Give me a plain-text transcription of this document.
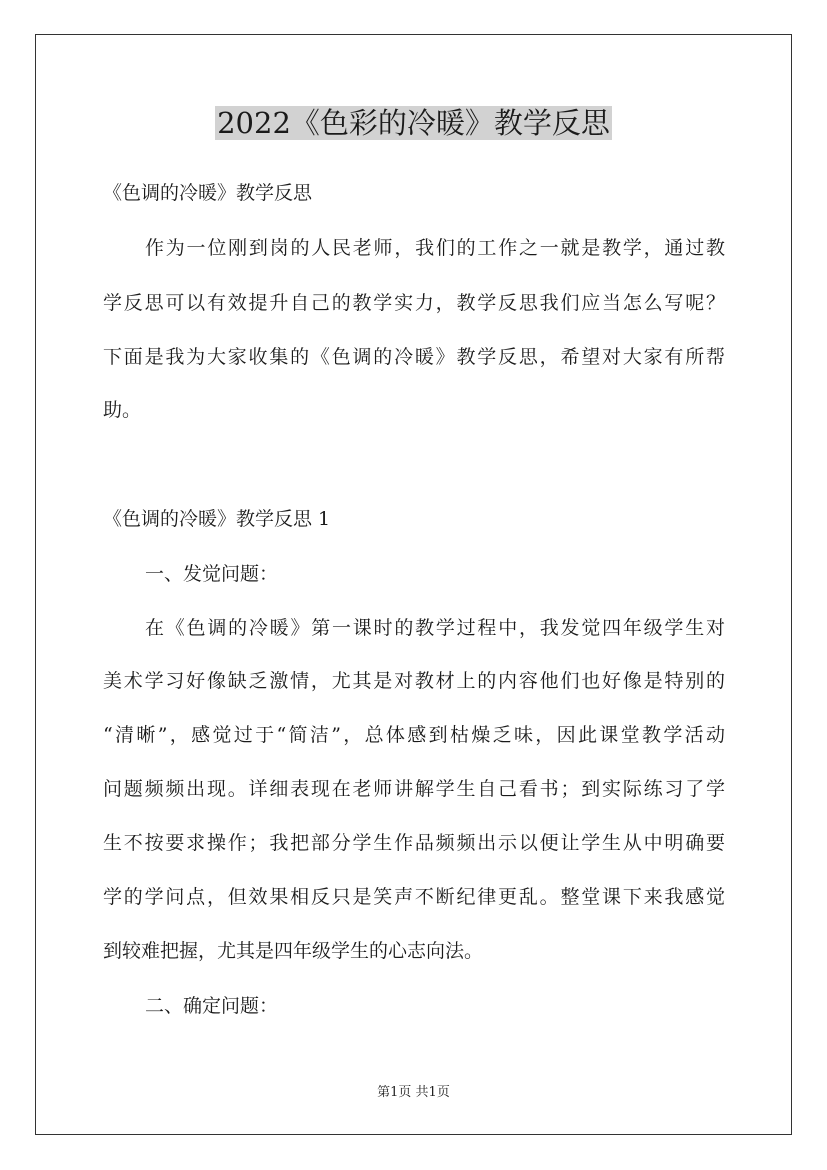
2022《色彩的冷暖》教学反思
《色调的冷暖》教学反思
作为一位刚到岗的人民老师，我们的工作之一就是教学，通过教
学反思可以有效提升自己的教学实力，教学反思我们应当怎么写呢？
下面是我为大家收集的《色调的冷暖》教学反思，希望对大家有所帮
助。
《色调的冷暖》教学反思 1
一、发觉问题：
在《色调的冷暖》第一课时的教学过程中，我发觉四年级学生对
美术学习好像缺乏激情，尤其是对教材上的内容他们也好像是特别的
“清晰”，感觉过于“简洁”，总体感到枯燥乏味，因此课堂教学活动
问题频频出现。详细表现在老师讲解学生自己看书；到实际练习了学
生不按要求操作；我把部分学生作品频频出示以便让学生从中明确要
学的学问点，但效果相反只是笑声不断纪律更乱。整堂课下来我感觉
到较难把握，尤其是四年级学生的心志向法。
二、确定问题：
第1页 共1页
